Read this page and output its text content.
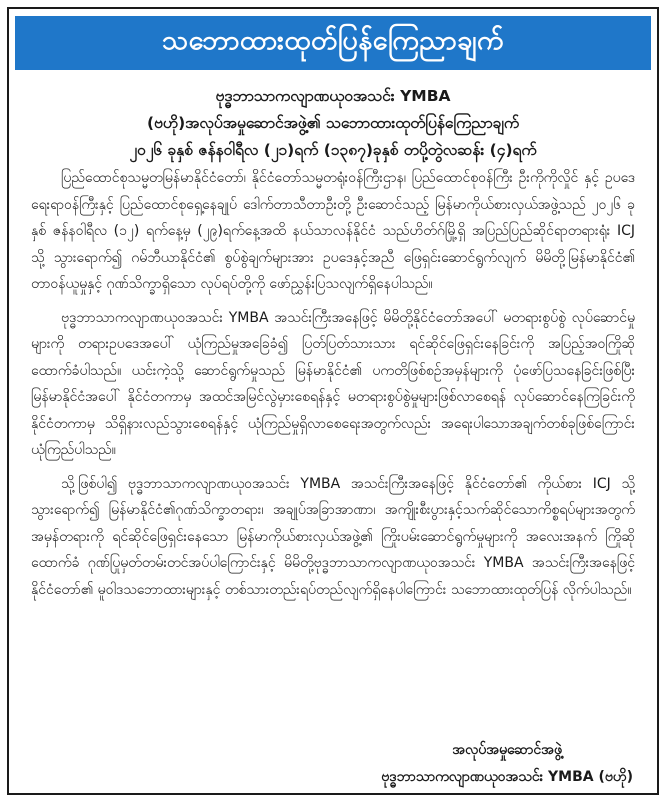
သဘောထားထုတ်ပြန်ကြေညာချက်
ဗုဒ္ဓဘာသာကလျာဏယုဝအသင်း YMBA
(ဗဟို)အလုပ်အမှုဆောင်အဖွဲ့၏ သဘောထားထုတ်ပြန်ကြေညာချက်
၂၀၂၆ ခုနှစ် ဇန်နဝါရီလ (၂၁)ရက် (၁၃၈၇)ခုနှစ် တပို့တွဲလဆန်း (၄)ရက်

ပြည်ထောင်စုသမ္မတမြန်မာနိုင်ငံတော်၊ နိုင်ငံတော်သမ္မတရုံးဝန်ကြီးဌာန၊ ပြည်ထောင်စုဝန်ကြီး ဦးကိုကိုလှိုင် နှင့် ဥပဒေရေးရာဝန်ကြီးနှင့် ပြည်ထောင်စုရှေ့နေချုပ် ဒေါက်တာသီတာဦးတို့ ဦးဆောင်သည့် မြန်မာကိုယ်စားလှယ်အဖွဲ့သည် ၂၀၂၆ ခုနှစ် ဇန်နဝါရီလ (၁၂) ရက်နေ့မှ (၂၉)ရက်နေ့အထိ နယ်သာလန်နိုင်ငံ သည်ဟိတ်ဂ်မြို့ရှိ အပြည်ပြည်ဆိုင်ရာတရားရုံး ICJ သို့ သွားရောက်၍ ဂမ်ဘီယာနိုင်ငံ၏ စွပ်စွဲချက်များအား ဥပဒေနှင့်အညီ ဖြေရှင်းဆောင်ရွက်လျက် မိမိတို့မြန်မာနိုင်ငံ၏ တာဝန်ယူမှုနှင့် ဂုဏ်သိက္ခာရှိသော လုပ်ရပ်တို့ကို ဖော်ညွှန်းပြသလျက်ရှိနေပါသည်။

ဗုဒ္ဓဘာသာကလျာဏယုဝအသင်း YMBA အသင်းကြီးအနေဖြင့် မိမိတို့နိုင်ငံတော်အပေါ် မတရားစွပ်စွဲ လုပ်ဆောင်မှုများကို တရားဥပဒေအပေါ် ယုံကြည်မှုအခြေခံ၍ ပြတ်ပြတ်သားသား ရင်ဆိုင်ဖြေရှင်းနေခြင်းကို အပြည့်အဝကြိုဆိုထောက်ခံပါသည်။ ယင်းကဲ့သို့ ဆောင်ရွက်မှုသည် မြန်မာနိုင်ငံ၏ ပကတိဖြစ်စဉ်အမှန်များကို ပုံဖော်ပြသနေခြင်းဖြစ်ပြီး မြန်မာနိုင်ငံအပေါ် နိုင်ငံတကာမှ အထင်အမြင်လွဲမှားစေရန်နှင့် မတရားစွပ်စွဲမှုများဖြစ်လာစေရန် လုပ်ဆောင်နေကြခြင်းကို နိုင်ငံတကာမှ သိရှိနားလည်သွားစေရန်နှင့် ယုံကြည်မှုရှိလာစေရေးအတွက်လည်း အရေးပါသောအချက်တစ်ခုဖြစ်ကြောင်း ယုံကြည်ပါသည်။

သို့ဖြစ်ပါ၍ ဗုဒ္ဓဘာသာကလျာဏယုဝအသင်း YMBA အသင်းကြီးအနေဖြင့် နိုင်ငံတော်၏ ကိုယ်စား ICJ သို့ သွားရောက်၍ မြန်မာနိုင်ငံ၏ဂုဏ်သိက္ခာတရား၊ အချုပ်အခြာအာဏာ၊ အကျိုးစီးပွားနှင့်သက်ဆိုင်သောကိစ္စရပ်များအတွက် အမှန်တရားကို ရင်ဆိုင်ဖြေရှင်းနေသော မြန်မာကိုယ်စားလှယ်အဖွဲ့၏ ကြိုးပမ်းဆောင်ရွက်မှုများကို အလေးအနက် ကြိုဆိုထောက်ခံ ဂုဏ်ပြုမှတ်တမ်းတင်အပ်ပါကြောင်းနှင့် မိမိတို့ဗုဒ္ဓဘာသာကလျာဏယုဝအသင်း YMBA အသင်းကြီးအနေဖြင့် နိုင်ငံတော်၏ မူဝါဒသဘောထားများနှင့် တစ်သားတည်းရပ်တည်လျက်ရှိနေပါကြောင်း သဘောထားထုတ်ပြန် လိုက်ပါသည်။

အလုပ်အမှုဆောင်အဖွဲ့
ဗုဒ္ဓဘာသာကလျာဏယုဝအသင်း YMBA (ဗဟို)
